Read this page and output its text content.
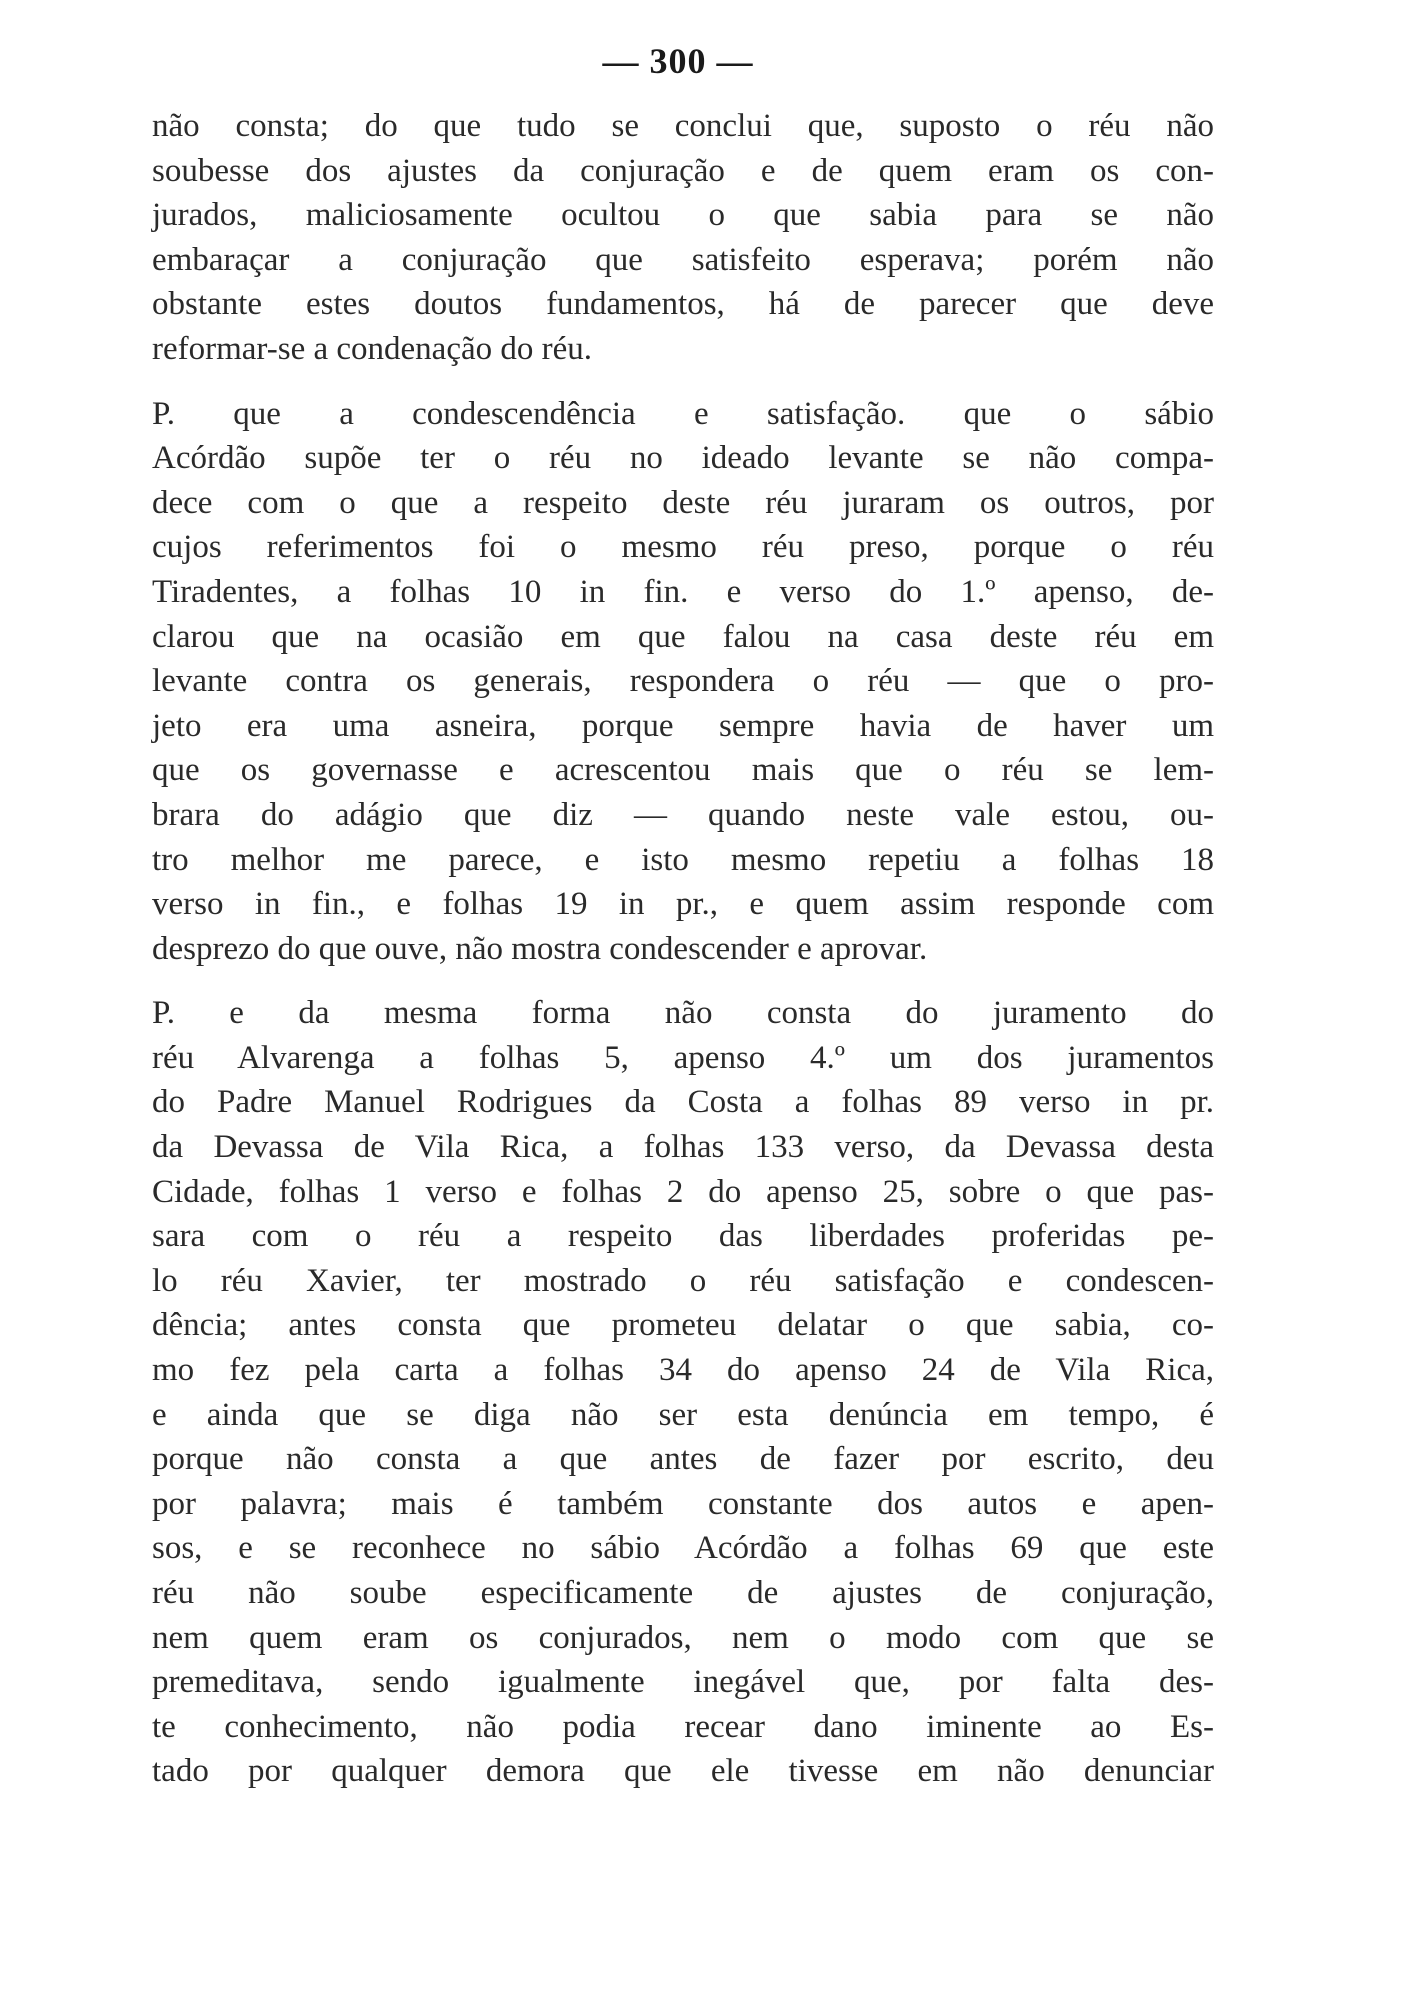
— 300 —
não consta; do que tudo se conclui que, suposto o réu não
soubesse dos ajustes da conjuração e de quem eram os con-
jurados, maliciosamente ocultou o que sabia para se não
embaraçar a conjuração que satisfeito esperava; porém não
obstante estes doutos fundamentos, há de parecer que deve
reformar-se a condenação do réu.
P. que a condescendência e satisfação. que o sábio
Acórdão supõe ter o réu no ideado levante se não compa-
dece com o que a respeito deste réu juraram os outros, por
cujos referimentos foi o mesmo réu preso, porque o réu
Tiradentes, a folhas 10 in fin. e verso do 1.º apenso, de-
clarou que na ocasião em que falou na casa deste réu em
levante contra os generais, respondera o réu — que o pro-
jeto era uma asneira, porque sempre havia de haver um
que os governasse e acrescentou mais que o réu se lem-
brara do adágio que diz — quando neste vale estou, ou-
tro melhor me parece, e isto mesmo repetiu a folhas 18
verso in fin., e folhas 19 in pr., e quem assim responde com
desprezo do que ouve, não mostra condescender e aprovar.
P. e da mesma forma não consta do juramento do
réu Alvarenga a folhas 5, apenso 4.º um dos juramentos
do Padre Manuel Rodrigues da Costa a folhas 89 verso in pr.
da Devassa de Vila Rica, a folhas 133 verso, da Devassa desta
Cidade, folhas 1 verso e folhas 2 do apenso 25, sobre o que pas-
sara com o réu a respeito das liberdades proferidas pe-
lo réu Xavier, ter mostrado o réu satisfação e condescen-
dência; antes consta que prometeu delatar o que sabia, co-
mo fez pela carta a folhas 34 do apenso 24 de Vila Rica,
e ainda que se diga não ser esta denúncia em tempo, é
porque não consta a que antes de fazer por escrito, deu
por palavra; mais é também constante dos autos e apen-
sos, e se reconhece no sábio Acórdão a folhas 69 que este
réu não soube especificamente de ajustes de conjuração,
nem quem eram os conjurados, nem o modo com que se
premeditava, sendo igualmente inegável que, por falta des-
te conhecimento, não podia recear dano iminente ao Es-
tado por qualquer demora que ele tivesse em não denunciar
